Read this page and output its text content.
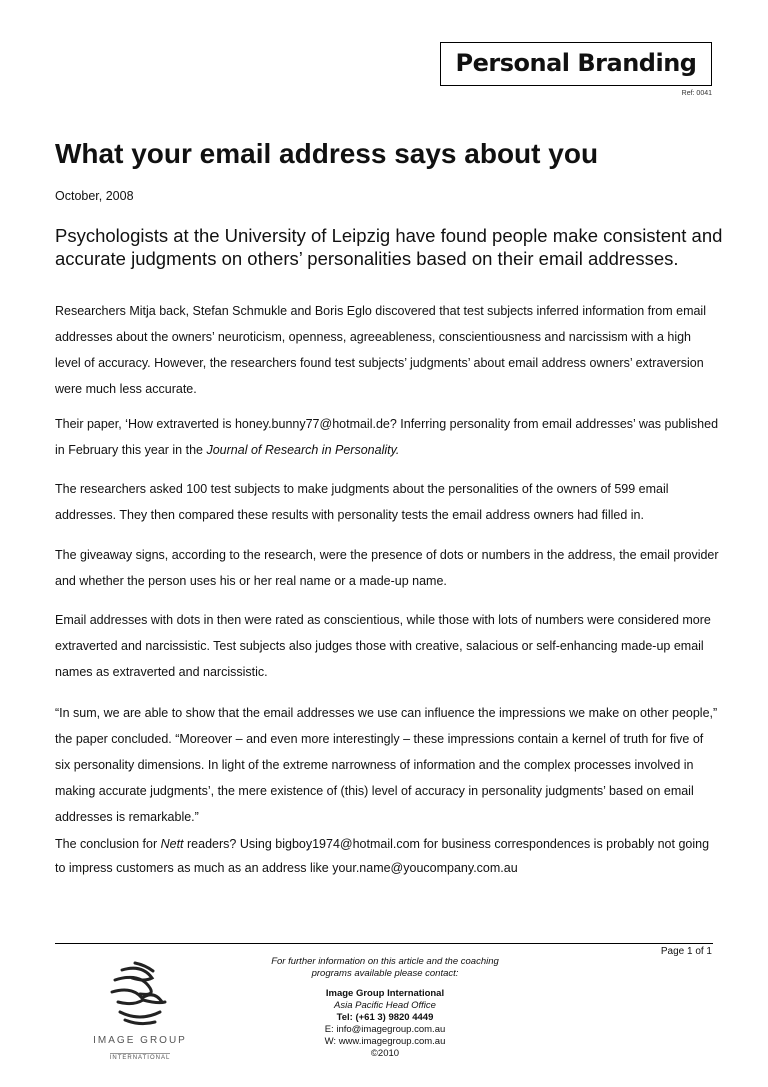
Personal Branding
Ref: 0041
What your email address says about you
October, 2008
Psychologists at the University of Leipzig have found people make consistent and accurate judgments on others’ personalities based on their email addresses.
Researchers Mitja back, Stefan Schmukle and Boris Eglo discovered that test subjects inferred information from email addresses about the owners’ neuroticism, openness, agreeableness, conscientiousness and narcissism with a high level of accuracy. However, the researchers found test subjects’ judgments’ about email address owners’ extraversion were much less accurate.
Their paper, ‘How extraverted is honey.bunny77@hotmail.de? Inferring personality from email addresses’ was published in February this year in the Journal of Research in Personality.
The researchers asked 100 test subjects to make judgments about the personalities of the owners of 599 email addresses. They then compared these results with personality tests the email address owners had filled in.
The giveaway signs, according to the research, were the presence of dots or numbers in the address, the email provider and whether the person uses his or her real name or a made-up name.
Email addresses with dots in then were rated as conscientious, while those with lots of numbers were considered more extraverted and narcissistic. Test subjects also judges those with creative, salacious or self-enhancing made-up email names as extraverted and narcissistic.
“In sum, we are able to show that the email addresses we use can influence the impressions we make on other people,” the paper concluded. “Moreover – and even more interestingly – these impressions contain a kernel of truth for five of six personality dimensions. In light of the extreme narrowness of information and the complex processes involved in making accurate judgments’, the mere existence of (this) level of accuracy in personality judgments’ based on email addresses is remarkable.”
The conclusion for Nett readers? Using bigboy1974@hotmail.com for business correspondences is probably not going to impress customers as much as an address like your.name@youcompany.com.au
Page 1 of 1
IMAGE GROUP
INTERNATIONAL
For further information on this article and the coaching programs available please contact:
Image Group International
Asia Pacific Head Office
Tel: (+61 3) 9820 4449
E: info@imagegroup.com.au
W: www.imagegroup.com.au
©2010
